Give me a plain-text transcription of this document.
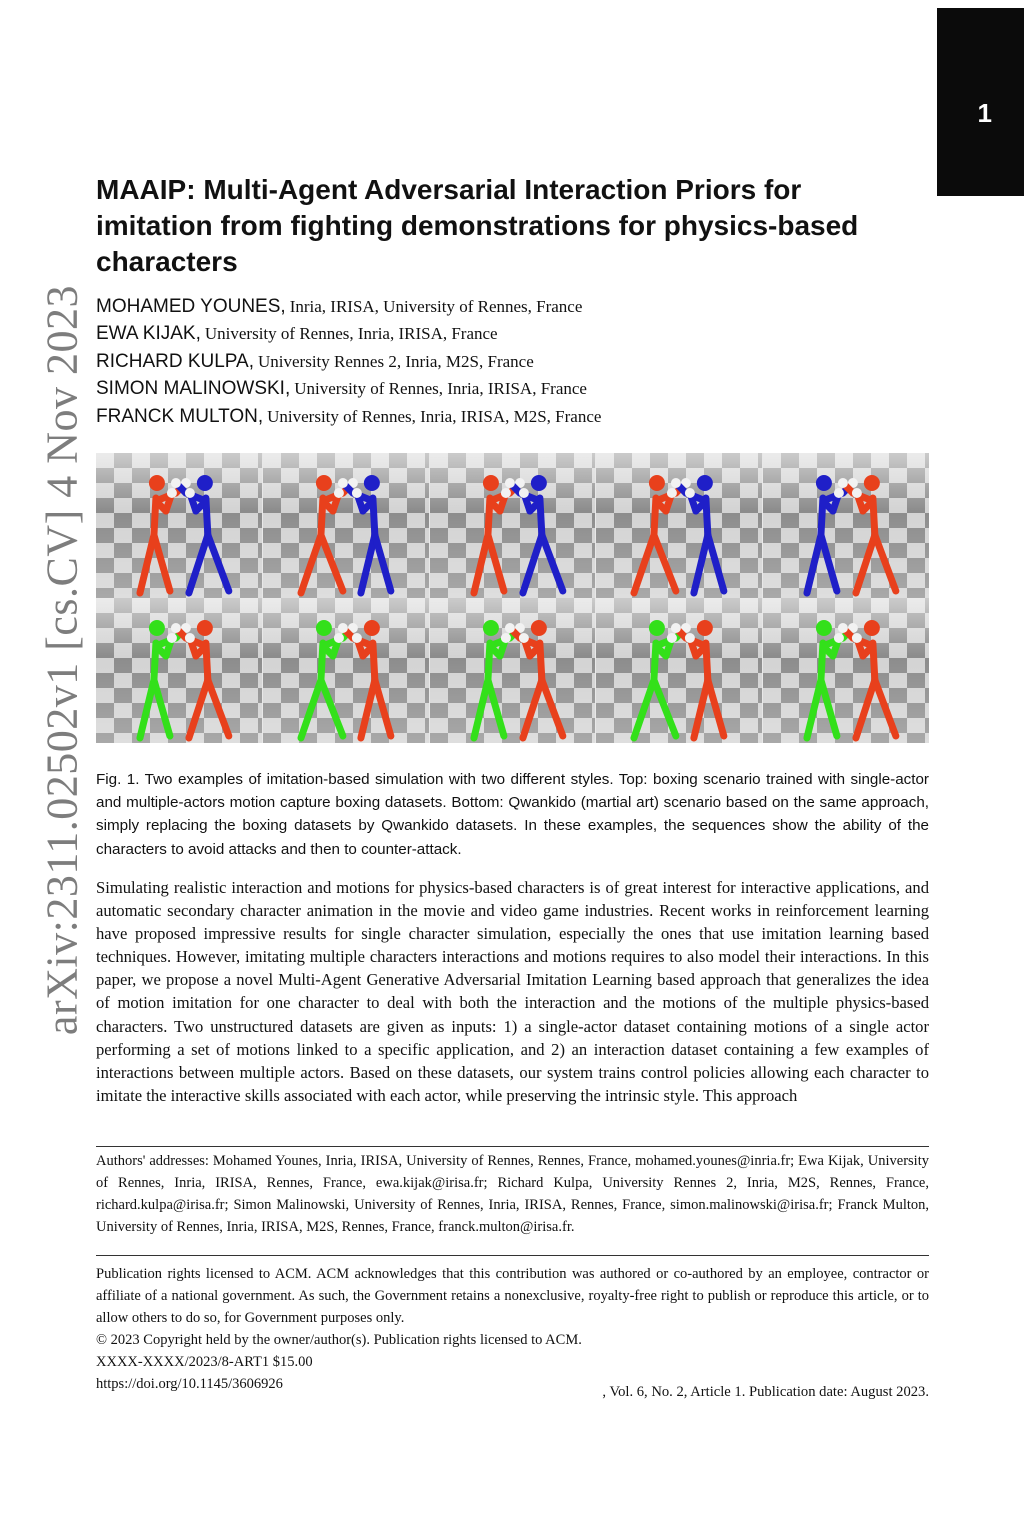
1
arXiv:2311.02502v1 [cs.CV] 4 Nov 2023
MAAIP: Multi-Agent Adversarial Interaction Priors for imitation from fighting demonstrations for physics-based characters
MOHAMED YOUNES, Inria, IRISA, University of Rennes, France
EWA KIJAK, University of Rennes, Inria, IRISA, France
RICHARD KULPA, University Rennes 2, Inria, M2S, France
SIMON MALINOWSKI, University of Rennes, Inria, IRISA, France
FRANCK MULTON, University of Rennes, Inria, IRISA, M2S, France

Fig. 1. Two examples of imitation-based simulation with two different styles. Top: boxing scenario trained with single-actor and multiple-actors motion capture boxing datasets. Bottom: Qwankido (martial art) scenario based on the same approach, simply replacing the boxing datasets by Qwankido datasets. In these examples, the sequences show the ability of the characters to avoid attacks and then to counter-attack.

Simulating realistic interaction and motions for physics-based characters is of great interest for interactive applications, and automatic secondary character animation in the movie and video game industries. Recent works in reinforcement learning have proposed impressive results for single character simulation, especially the ones that use imitation learning based techniques. However, imitating multiple characters interactions and motions requires to also model their interactions. In this paper, we propose a novel Multi-Agent Generative Adversarial Imitation Learning based approach that generalizes the idea of motion imitation for one character to deal with both the interaction and the motions of the multiple physics-based characters. Two unstructured datasets are given as inputs: 1) a single-actor dataset containing motions of a single actor performing a set of motions linked to a specific application, and 2) an interaction dataset containing a few examples of interactions between multiple actors. Based on these datasets, our system trains control policies allowing each character to imitate the interactive skills associated with each actor, while preserving the intrinsic style. This approach

Authors' addresses: Mohamed Younes, Inria, IRISA, University of Rennes, Rennes, France, mohamed.younes@inria.fr; Ewa Kijak, University of Rennes, Inria, IRISA, Rennes, France, ewa.kijak@irisa.fr; Richard Kulpa, University Rennes 2, Inria, M2S, Rennes, France, richard.kulpa@irisa.fr; Simon Malinowski, University of Rennes, Inria, IRISA, Rennes, France, simon.malinowski@irisa.fr; Franck Multon, University of Rennes, Inria, IRISA, M2S, Rennes, France, franck.multon@irisa.fr.

Publication rights licensed to ACM. ACM acknowledges that this contribution was authored or co-authored by an employee, contractor or affiliate of a national government. As such, the Government retains a nonexclusive, royalty-free right to publish or reproduce this article, or to allow others to do so, for Government purposes only.

© 2023 Copyright held by the owner/author(s). Publication rights licensed to ACM.

XXXX-XXXX/2023/8-ART1 $15.00

https://doi.org/10.1145/3606926	, Vol. 6, No. 2, Article 1. Publication date: August 2023.
